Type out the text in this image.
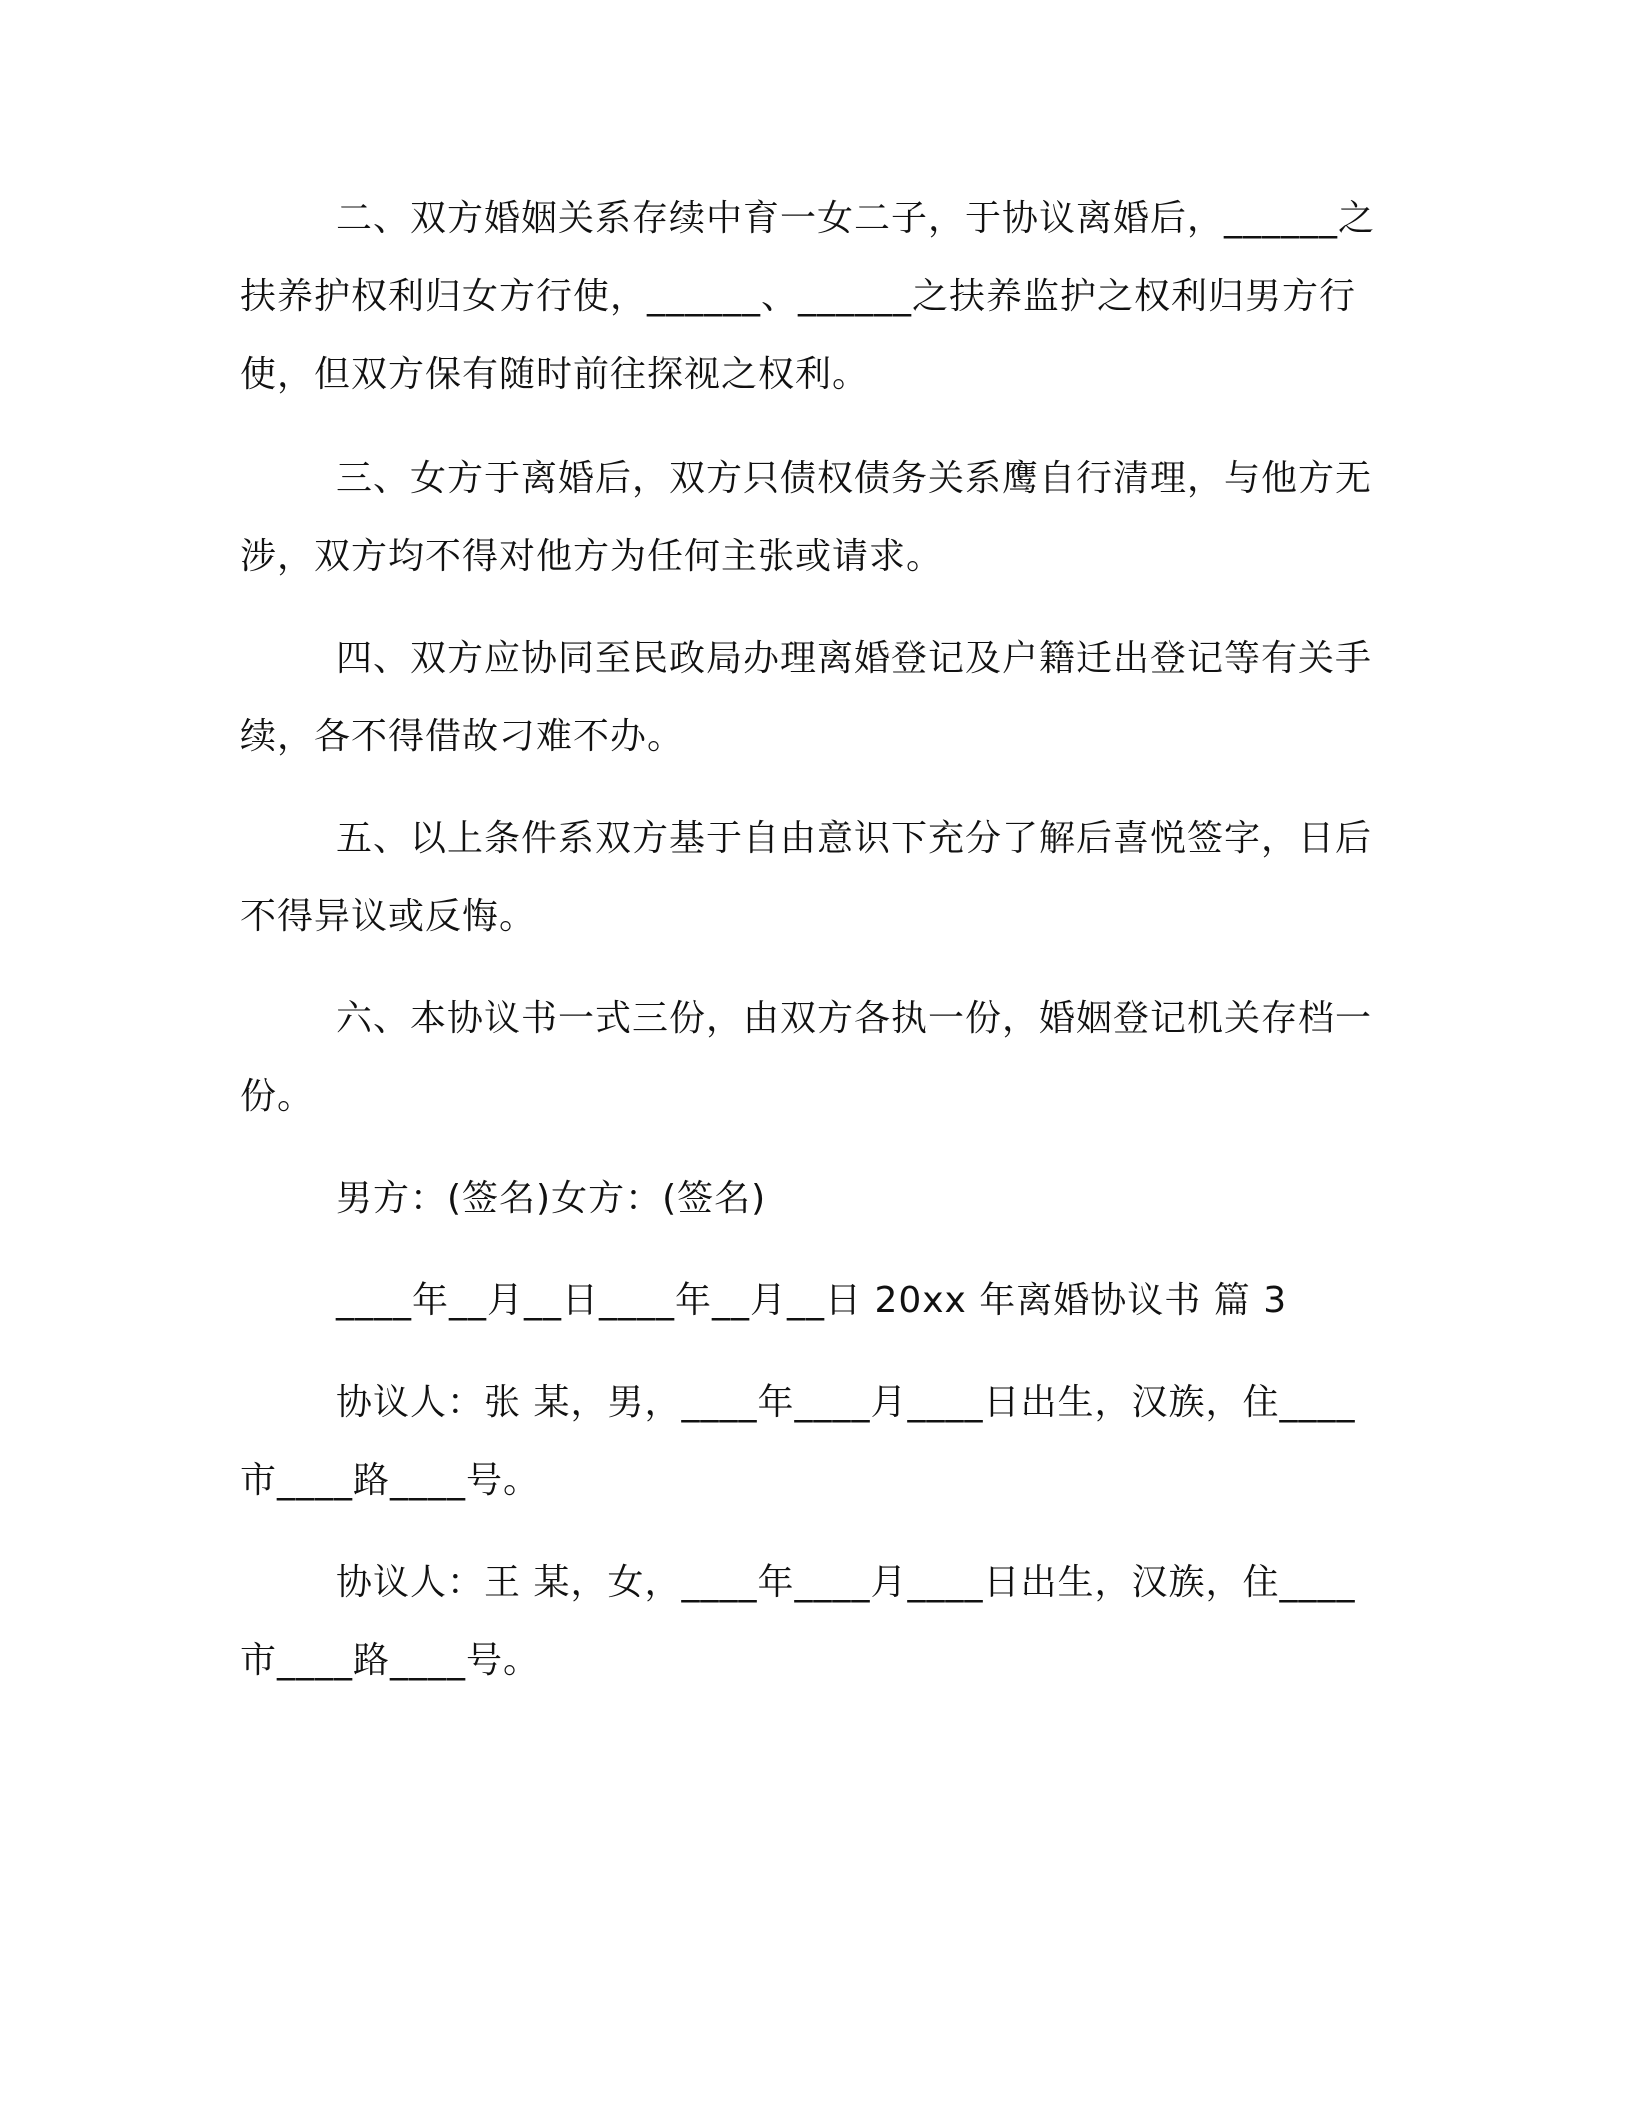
二、双方婚姻关系存续中育一女二子，于协议离婚后，______之扶养护权利归女方行使，______、______之扶养监护之权利归男方行使，但双方保有随时前往探视之权利。

三、女方于离婚后，双方只债权债务关系鹰自行清理，与他方无涉，双方均不得对他方为任何主张或请求。

四、双方应协同至民政局办理离婚登记及户籍迁出登记等有关手续，各不得借故刁难不办。

五、以上条件系双方基于自由意识下充分了解后喜悦签字，日后不得异议或反悔。

六、本协议书一式三份，由双方各执一份，婚姻登记机关存档一份。

男方：(签名)女方：(签名)

____年__月__日____年__月__日 20xx 年离婚协议书 篇 3

协议人：张 某，男，____年____月____日出生，汉族，住____市____路____号。

协议人：王 某，女，____年____月____日出生，汉族，住____市____路____号。
